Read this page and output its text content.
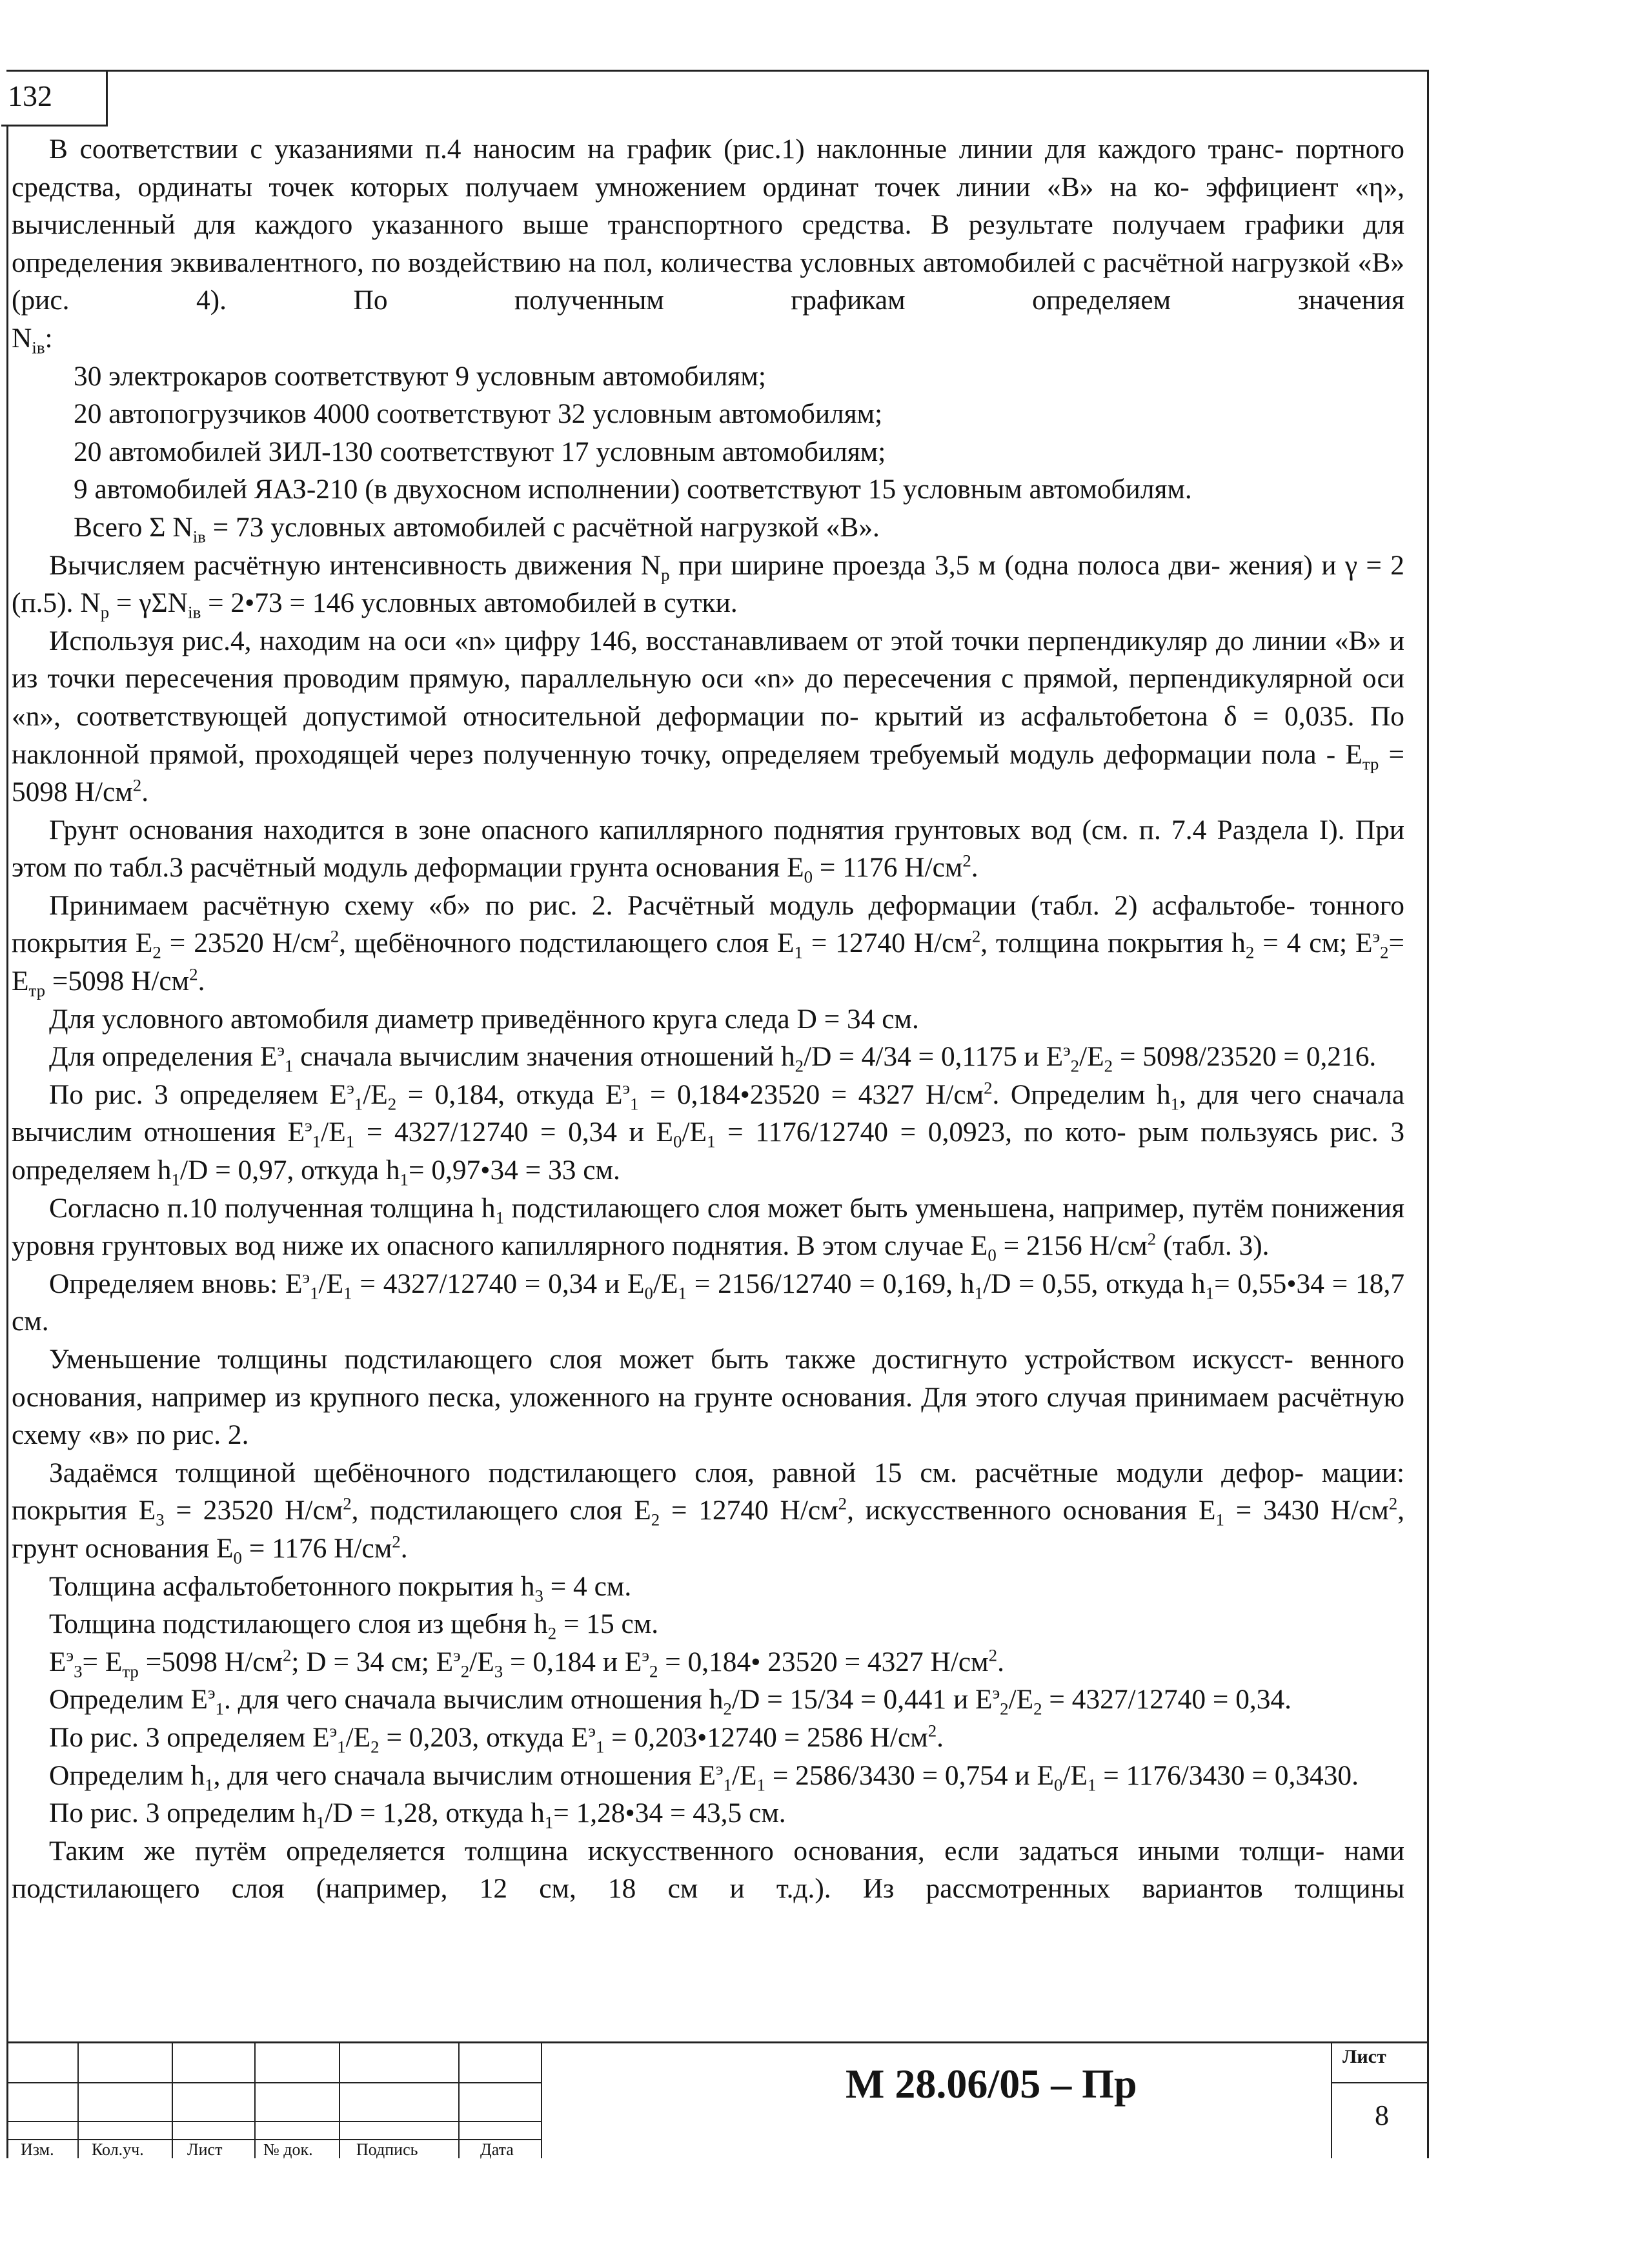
132

В соответствии с указаниями п.4 наносим на график (рис.1) наклонные линии для каждого транс- портного средства, ординаты точек которых получаем умножением ординат точек линии «В» на ко- эффициент «η», вычисленный для каждого указанного выше транспортного средства. В результате получаем графики для определения эквивалентного, по воздействию на пол, количества условных автомобилей с расчётной нагрузкой «В» (рис. 4). По полученным графикам определяем значения

$N_{iв}$:

30 электрокаров соответствуют 9 условным автомобилям;

20 автопогрузчиков 4000 соответствуют 32 условным автомобилям;

20 автомобилей ЗИЛ-130 соответствуют 17 условным автомобилям;

9 автомобилей ЯАЗ-210 (в двухосном исполнении) соответствуют 15 условным автомобилям.

Всего Σ $N_{iв} = 73$ условных автомобилей с расчётной нагрузкой «В».

Вычисляем расчётную интенсивность движения $N_p$ при ширине проезда 3,5 м (одна полоса дви- жения) и γ = 2 (п.5). $N_p = \gamma\Sigma N_{iв}$ = 2•73 = 146 условных автомобилей в сутки.

Используя рис.4, находим на оси «n» цифру 146, восстанавливаем от этой точки перпендикуляр до линии «В» и из точки пересечения проводим прямую, параллельную оси «n» до пересечения с прямой, перпендикулярной оси «n», соответствующей допустимой относительной деформации по- крытий из асфальтобетона δ = 0,035. По наклонной прямой, проходящей через полученную точку, определяем требуемый модуль деформации пола - $E_{тр} = 5098$ $Н/см^2$.

Грунт основания находится в зоне опасного капиллярного поднятия грунтовых вод (см. п. 7.4 Раздела I). При этом по табл.3 расчётный модуль деформации грунта основания $E_0 = 1176$ $Н/см^2$.

Принимаем расчётную схему «б» по рис. 2. Расчётный модуль деформации (табл. 2) асфальтобе- тонного покрытия $E_2 = 23520$ $Н/см^2$, щебёночного подстилающего слоя $E_1 = 12740$ $Н/см^2$, толщина покрытия $h_2 = 4$ см; $E^э_2= E_{тр} =5098$ $Н/см^2$.

Для условного автомобиля диаметр приведённого круга следа D = 34 см.

Для определения $E^э_1$ сначала вычислим значения отношений $h_2/D = 4/34 = 0,1175$ и $E^э_2/E_2 = 5098/23520 = 0,216$.

По рис. 3 определяем $E^э_1/E_2 = 0,184$, откуда $E^э_1$ = 0,184•23520 = 4327 $Н/см^2$. Определим $h_1$, для чего сначала вычислим отношения $E^э_1/E_1 = 4327/12740 = 0,34$ и $E_0/E_1 = 1176/12740 = 0,0923$, по кото- рым пользуясь рис. 3 определяем $h_1/D = 0,97$, откуда $h_1=$ 0,97•34 = 33 см.

Согласно п.10 полученная толщина $h_1$ подстилающего слоя может быть уменьшена, например, путём понижения уровня грунтовых вод ниже их опасного капиллярного поднятия. В этом случае $E_0 = 2156$ $Н/см^2$ (табл. 3).

Определяем вновь: $E^э_1/E_1 = 4327/12740 = 0,34$ и $E_0/E_1 = 2156/12740 = 0,169$, $h_1/D = 0,55$, откуда $h_1=$ 0,55•34 = 18,7 см.

Уменьшение толщины подстилающего слоя может быть также достигнуто устройством искусст- венного основания, например из крупного песка, уложенного на грунте основания. Для этого случая принимаем расчётную схему «в» по рис. 2.

Задаёмся толщиной щебёночного подстилающего слоя, равной 15 см. расчётные модули дефор- мации: покрытия $E_3 = 23520$ $Н/см^2$, подстилающего слоя $E_2 = 12740$ $Н/см^2$, искусственного основания $E_1 = 3430$ $Н/см^2$, грунт основания $E_0 = 1176$ $Н/см^2$.

Толщина асфальтобетонного покрытия $h_3 = 4$ см.

Толщина подстилающего слоя из щебня $h_2 = 15$ см.

$E^э_3= E_{тр} =5098$ $Н/см^2$; D = 34 см; $E^э_2/E_3 = 0,184$ и $E^э_2$ = 0,184• 23520 = 4327 $Н/см^2$.

Определим $E^э_1$. для чего сначала вычислим отношения $h_2/D = 15/34 = 0,441$ и $E^э_2/E_2 = 4327/12740 = 0,34$.

По рис. 3 определяем $E^э_1/E_2 = 0,203$, откуда $E^э_1$ = 0,203•12740 = 2586 $Н/см^2$.

Определим $h_1$, для чего сначала вычислим отношения $E^э_1/E_1 = 2586/3430 = 0,754$ и $E_0/E_1 = 1176/3430 = 0,3430$.

По рис. 3 определим $h_1/D = 1,28$, откуда $h_1=$ 1,28•34 = 43,5 см.

Таким же путём определяется толщина искусственного основания, если задаться иными толщи- нами подстилающего слоя (например, 12 см, 18 см и т.д.). Из рассмотренных вариантов толщины

М 28.06/05 – Пр
Лист
8
Изм. Кол.уч.	Лист № док.	Подпись	Дата
